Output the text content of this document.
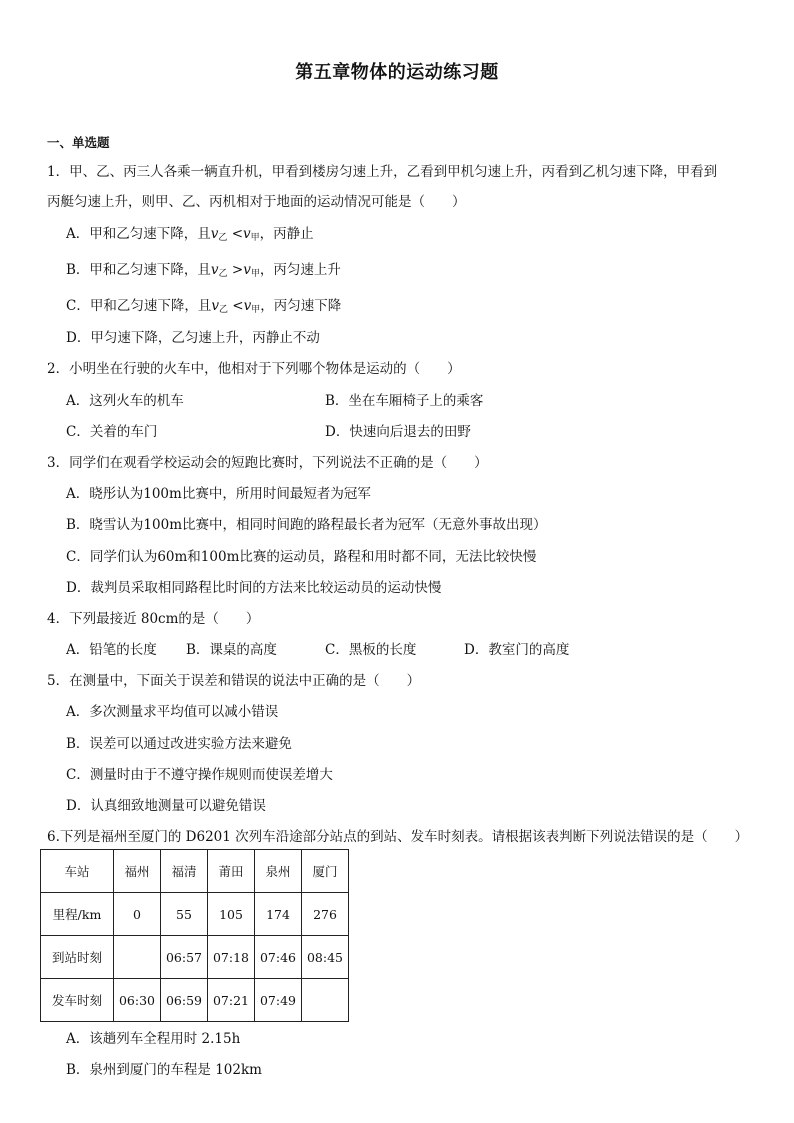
第五章物体的运动练习题
一、单选题
1．甲、乙、丙三人各乘一辆直升机，甲看到楼房匀速上升，乙看到甲机匀速上升，丙看到乙机匀速下降，甲看到
丙艇匀速上升，则甲、乙、丙机相对于地面的运动情况可能是（　　）
A．甲和乙匀速下降，且$v_乙 <v_甲$，丙静止
B．甲和乙匀速下降，且$v_乙 >v_甲$，丙匀速上升
C．甲和乙匀速下降，且$v_乙 <v_甲$，丙匀速下降
D．甲匀速下降，乙匀速上升，丙静止不动
2．小明坐在行驶的火车中，他相对于下列哪个物体是运动的（　　）
A．这列火车的机车	B．坐在车厢椅子上的乘客
C．关着的车门	D．快速向后退去的田野
3．同学们在观看学校运动会的短跑比赛时，下列说法不正确的是（　　）
A．晓彤认为100m比赛中，所用时间最短者为冠军
B．晓雪认为100m比赛中，相同时间跑的路程最长者为冠军（无意外事故出现）
C．同学们认为60m和100m比赛的运动员，路程和用时都不同，无法比较快慢
D．裁判员采取相同路程比时间的方法来比较运动员的运动快慢
4．下列最接近 80cm的是（　　）
A．铅笔的长度 B．课桌的高度	C．黑板的长度	D．教室门的高度
5．在测量中，下面关于误差和错误的说法中正确的是（　　）
A．多次测量求平均值可以减小错误
B．误差可以通过改进实验方法来避免
C．测量时由于不遵守操作规则而使误差增大
D．认真细致地测量可以避免错误
6.下列是福州至厦门的 D6201 次列车沿途部分站点的到站、发车时刻表。请根据该表判断下列说法错误的是（　　）
车站	福州	福清	莆田	泉州	厦门
里程/km	0	55	105	174	276
到站时刻		06:57	07:18	07:46	08:45
发车时刻	06:30	06:59	07:21	07:49	
A．该趟列车全程用时 2.15h
B．泉州到厦门的车程是 102km
